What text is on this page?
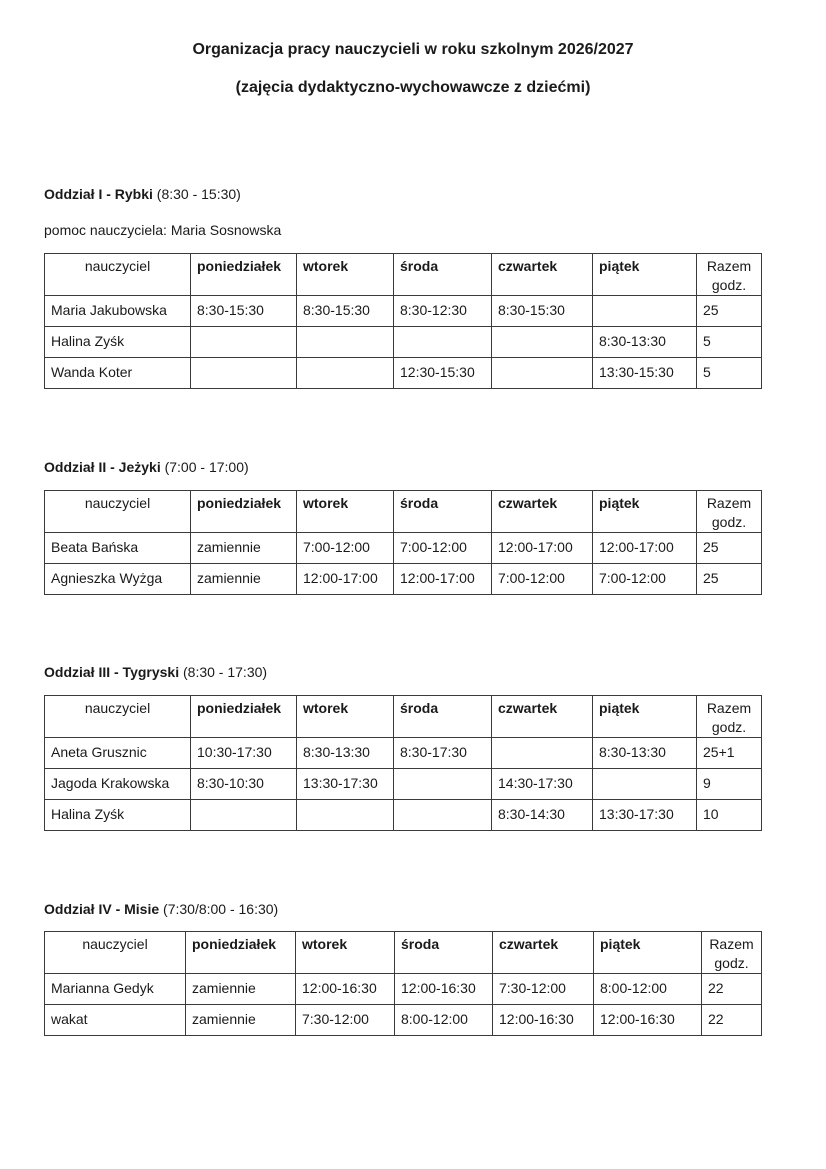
Organizacja pracy nauczycieli w roku szkolnym 2026/2027
(zajęcia dydaktyczno-wychowawcze z dziećmi)
Oddział I - Rybki (8:30 - 15:30)
pomoc nauczyciela: Maria Sosnowska
nauczyciel	poniedziałek	wtorek	środa	czwartek	piątek	Razem godz.
Maria Jakubowska	8:30-15:30	8:30-15:30	8:30-12:30	8:30-15:30		25
Halina Zyśk					8:30-13:30	5
Wanda Koter			12:30-15:30		13:30-15:30	5
Oddział II - Jeżyki (7:00 - 17:00)
nauczyciel	poniedziałek	wtorek	środa	czwartek	piątek	Razem godz.
Beata Bańska	zamiennie	7:00-12:00	7:00-12:00	12:00-17:00	12:00-17:00	25
Agnieszka Wyżga	zamiennie	12:00-17:00	12:00-17:00	7:00-12:00	7:00-12:00	25
Oddział III - Tygryski (8:30 - 17:30)
nauczyciel	poniedziałek	wtorek	środa	czwartek	piątek	Razem godz.
Aneta Grusznic	10:30-17:30	8:30-13:30	8:30-17:30		8:30-13:30	25+1
Jagoda Krakowska	8:30-10:30	13:30-17:30		14:30-17:30		9
Halina Zyśk				8:30-14:30	13:30-17:30	10
Oddział IV - Misie (7:30/8:00 - 16:30)
nauczyciel	poniedziałek	wtorek	środa	czwartek	piątek	Razem godz.
Marianna Gedyk	zamiennie	12:00-16:30	12:00-16:30	7:30-12:00	8:00-12:00	22
wakat	zamiennie	7:30-12:00	8:00-12:00	12:00-16:30	12:00-16:30	22
